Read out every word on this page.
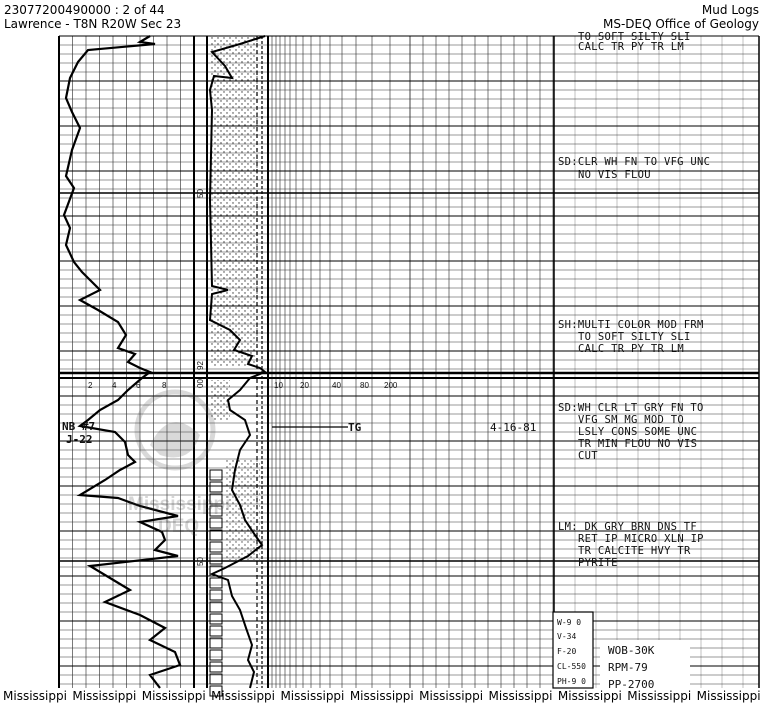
23077200490000 : 2 of 44
Lawrence - T8N R20W Sec 23
Mud Logs
MS-DEQ Office of Geology
2 4 6	8	10 20	40 80 200
50
92
00
50
Mississippi
DEQ
NB #7
J-22
TG	4-16-81
TO SOFT SILTY SLI
CALC TR PY TR LM
SD:CLR WH FN TO VFG UNC
NO VIS FLOU
SH:MULTI COLOR MOD FRM
TO SOFT SILTY SLI
CALC TR PY TR LM
SD:WH CLR LT GRY FN TO
VFG SM MG MOD TO
LSLY CONS SOME UNC
TR MIN FLOU NO VIS
CUT
LM: DK GRY BRN DNS TF
RET IP MICRO XLN IP
TR CALCITE HVY TR
PYRITE
W-9 0
V-34
F-20
CL-550
PH-9 0
WOB-30K
RPM-79
PP-2700
Mississippi Mississippi Mississippi Mississippi Mississippi Mississippi Mississippi Mississippi Mississippi Mississippi Mississippi
